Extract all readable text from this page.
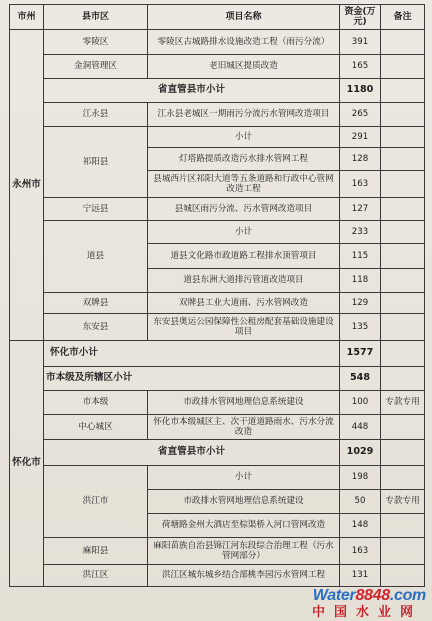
市州	县市区	项目名称	资金(万元)	备注
永州市	零陵区	零陵区古城路排水设施改造工程（雨污分流）	391	
	金洞管理区	老旧城区提质改造	165	
	省直管县市小计		1180	
	江永县	江永县老城区一期雨污分流污水管网改造项目	265	
	祁阳县	小计	291	
		灯塔路提质改造污水排水管网工程	128	
		县城西片区祁阳大道等五条道路和行政中心管网改造工程	163	
	宁远县	县城区雨污分流、污水管网改造项目	127	
	道县	小计	233	
		道县文化路市政道路工程排水顶管项目	115	
		道县东洲大道排污管道改造项目	118	
	双牌县	双牌县工业大道雨、污水管网改造	129	
	东安县	东安县奥运公园保障性公租房配套基础设施建设项目	135	
怀化市	怀化市小计		1577	
	市本级及所辖区小计		548	
	市本级	市政排水管网地理信息系统建设	100	专款专用
	中心城区	怀化市本级城区主、次干道道路雨水、污水分流改造	448	
	省直管县市小计		1029	
	洪江市	小计	198	
		市政排水管网地理信息系统建设	50	专款专用
		荷塘路金州大酒店至棕渠桥入河口管网改造	148	
	麻阳县	麻阳苗族自治县锦江河东段综合治理工程（污水管网部分）	163	
	洪江区	洪江区城东城乡结合部桃李园污水管网工程	131	
Water8848.com
中国水业网
